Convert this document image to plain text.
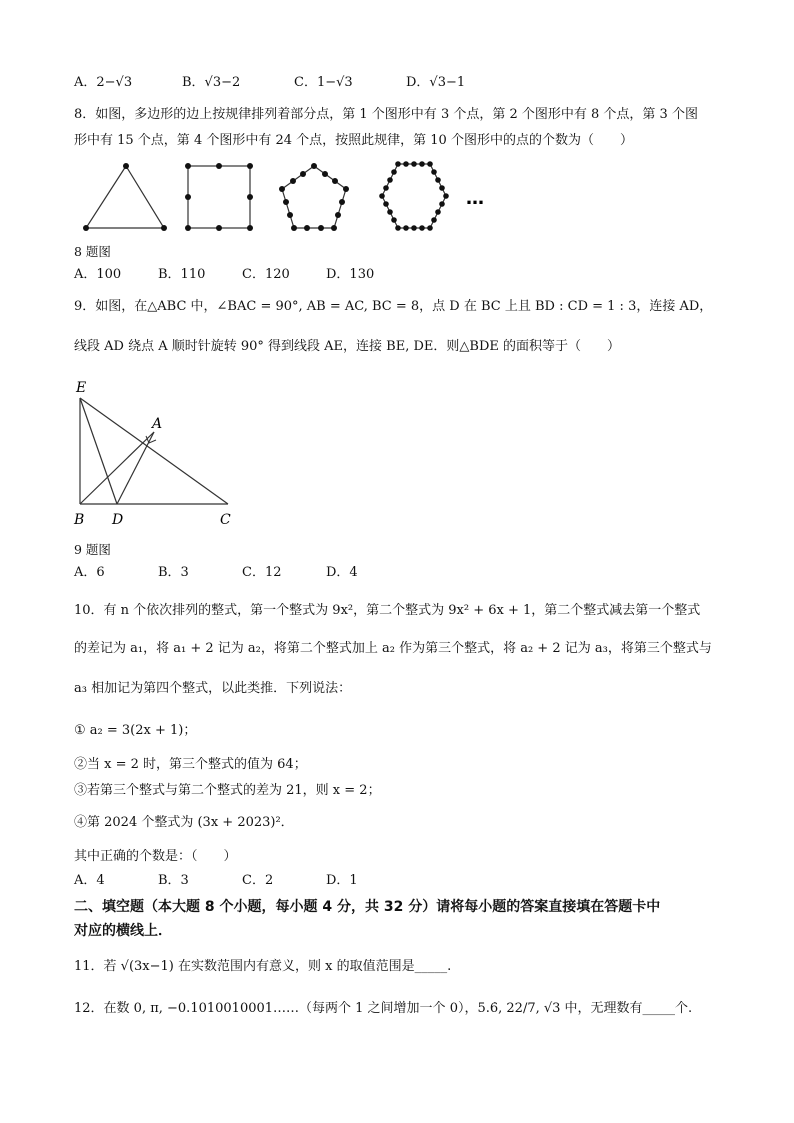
A．2−√3	B．√3−2	C．1−√3	D．√3−1
8．如图，多边形的边上按规律排列着部分点，第 1 个图形中有 3 个点，第 2 个图形中有 8 个点，第 3 个图
形中有 15 个点，第 4 个图形中有 24 个点，按照此规律，第 10 个图形中的点的个数为（　　）
…
8 题图
A．100	B．110	C．120	D．130
9．如图，在△ABC 中，∠BAC = 90°, AB = AC, BC = 8，点 D 在 BC 上且 BD : CD = 1 : 3，连接 AD，
线段 AD 绕点 A 顺时针旋转 90° 得到线段 AE，连接 BE, DE．则△BDE 的面积等于（　　）
E
A
B D	C
9 题图
A．6	B．3	C．12	D．4
10．有 n 个依次排列的整式，第一个整式为 9x²，第二个整式为 9x² + 6x + 1，第二个整式减去第一个整式
的差记为 a₁，将 a₁ + 2 记为 a₂，将第二个整式加上 a₂ 作为第三个整式，将 a₂ + 2 记为 a₃，将第三个整式与
a₃ 相加记为第四个整式，以此类推．下列说法：
① a₂ = 3(2x + 1)；
②当 x = 2 时，第三个整式的值为 64；
③若第三个整式与第二个整式的差为 21，则 x = 2；
④第 2024 个整式为 (3x + 2023)²．
其中正确的个数是：（　　）
A．4	B．3	C．2	D．1
二、填空题（本大题 8 个小题，每小题 4 分，共 32 分）请将每小题的答案直接填在答题卡中
对应的横线上．
11．若 √(3x−1) 在实数范围内有意义，则 x 的取值范围是_____.
12．在数 0, π, −0.1010010001……（每两个 1 之间增加一个 0），5.6̇, 22/7, √3 中，无理数有_____个.
